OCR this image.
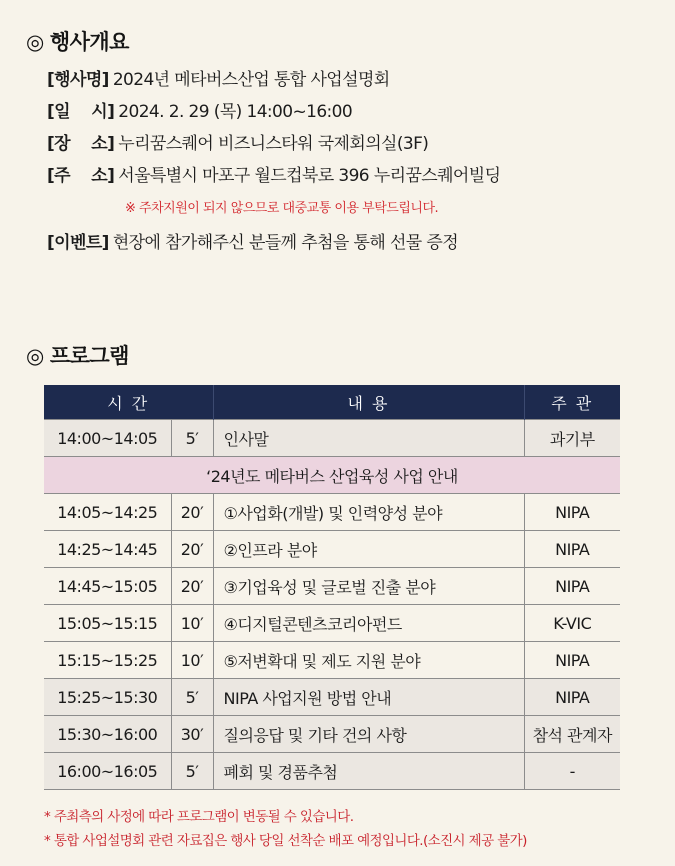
◎ 행사개요
[행사명] 2024년 메타버스산업 통합 사업설명회
[일    시] 2024. 2. 29 (목) 14:00~16:00
[장    소] 누리꿈스퀘어 비즈니스타워 국제회의실(3F)
[주    소] 서울특별시 마포구 월드컵북로 396 누리꿈스퀘어빌딩
※ 주차지원이 되지 않으므로 대중교통 이용 부탁드립니다.
[이벤트] 현장에 참가해주신 분들께 추첨을 통해 선물 증정
◎ 프로그램
시 간		내 용	주 관
14:00~14:05	5′	인사말	과기부
‘24년도 메타버스 산업육성 사업 안내			
14:05~14:25	20′	①사업화(개발) 및 인력양성 분야	NIPA
14:25~14:45	20′	②인프라 분야	NIPA
14:45~15:05	20′	③기업육성 및 글로벌 진출 분야	NIPA
15:05~15:15	10′	④디지털콘텐츠코리아펀드	K-VIC
15:15~15:25	10′	⑤저변확대 및 제도 지원 분야	NIPA
15:25~15:30	5′	NIPA 사업지원 방법 안내	NIPA
15:30~16:00	30′	질의응답 및 기타 건의 사항	참석 관계자
16:00~16:05	5′	폐회 및 경품추첨	-
* 주최측의 사정에 따라 프로그램이 변동될 수 있습니다.
* 통합 사업설명회 관련 자료집은 행사 당일 선착순 배포 예정입니다.(소진시 제공 불가)
